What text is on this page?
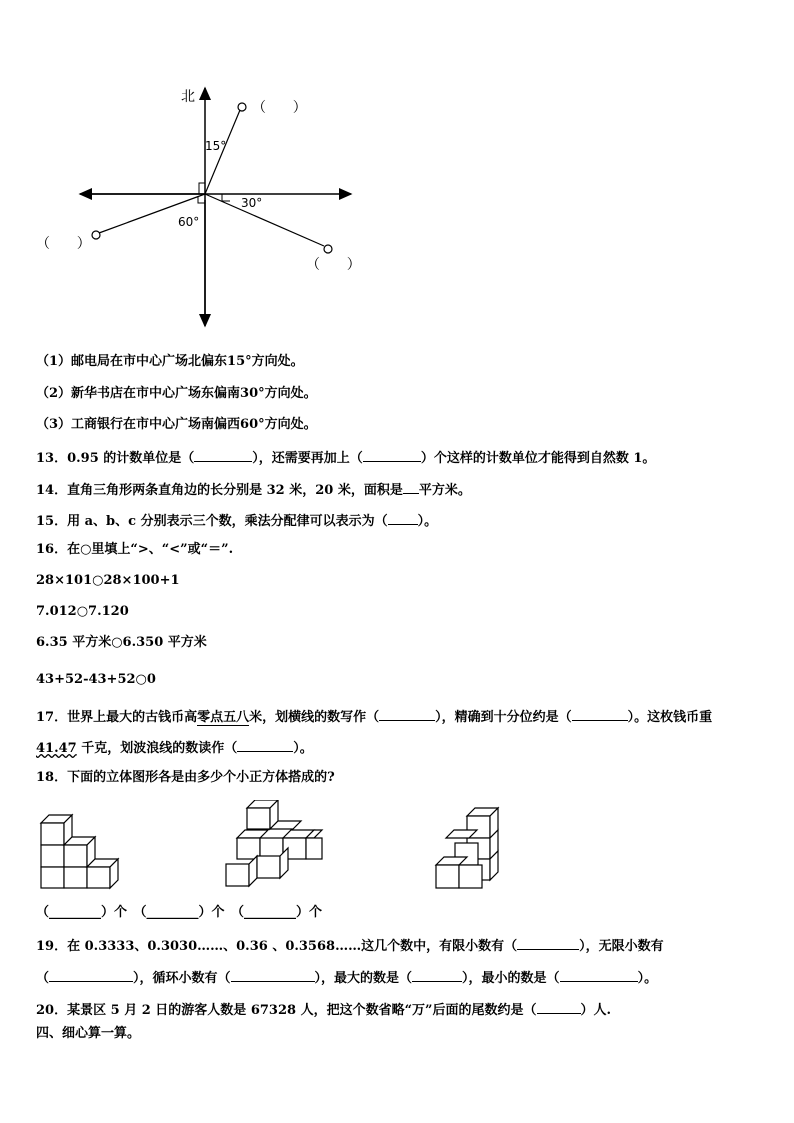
北
15°
30°
60°
（      ）
（      ）
（      ）
（1）邮电局在市中心广场北偏东15°方向处。
（2）新华书店在市中心广场东偏南30°方向处。
（3）工商银行在市中心广场南偏西60°方向处。
13．0.95 的计数单位是（	），还需要再加上（	）个这样的计数单位才能得到自然数 1。
14．直角三角形两条直角边的长分别是 32 米，20 米，面积是 平方米。
15．用 a、b、c 分别表示三个数，乘法分配律可以表示为（ ）。
16．在○里填上“>、“<”或“＝”.
28×101○28×100+1
7.012○7.120
6.35 平方米○6.350 平方米
43+52-43+52○0
17．世界上最大的古钱币高零点五八米，划横线的数写作（	），精确到十分位约是（	）。这枚钱币重
41.47 千克，划波浪线的数读作（	）。
18．下面的立体图形各是由多少个小正方体搭成的?
（________）个　（________）个　（________）个
19．在 0.3333、0.3030……、0.36 、0.3568……这几个数中，有限小数有（	），无限小数有
（	），循环小数有（	），最大的数是（	），最小的数是（	）。
20．某景区 5 月 2 日的游客人数是 67328 人，把这个数省略“万”后面的尾数约是（	）人.
四、细心算一算。
